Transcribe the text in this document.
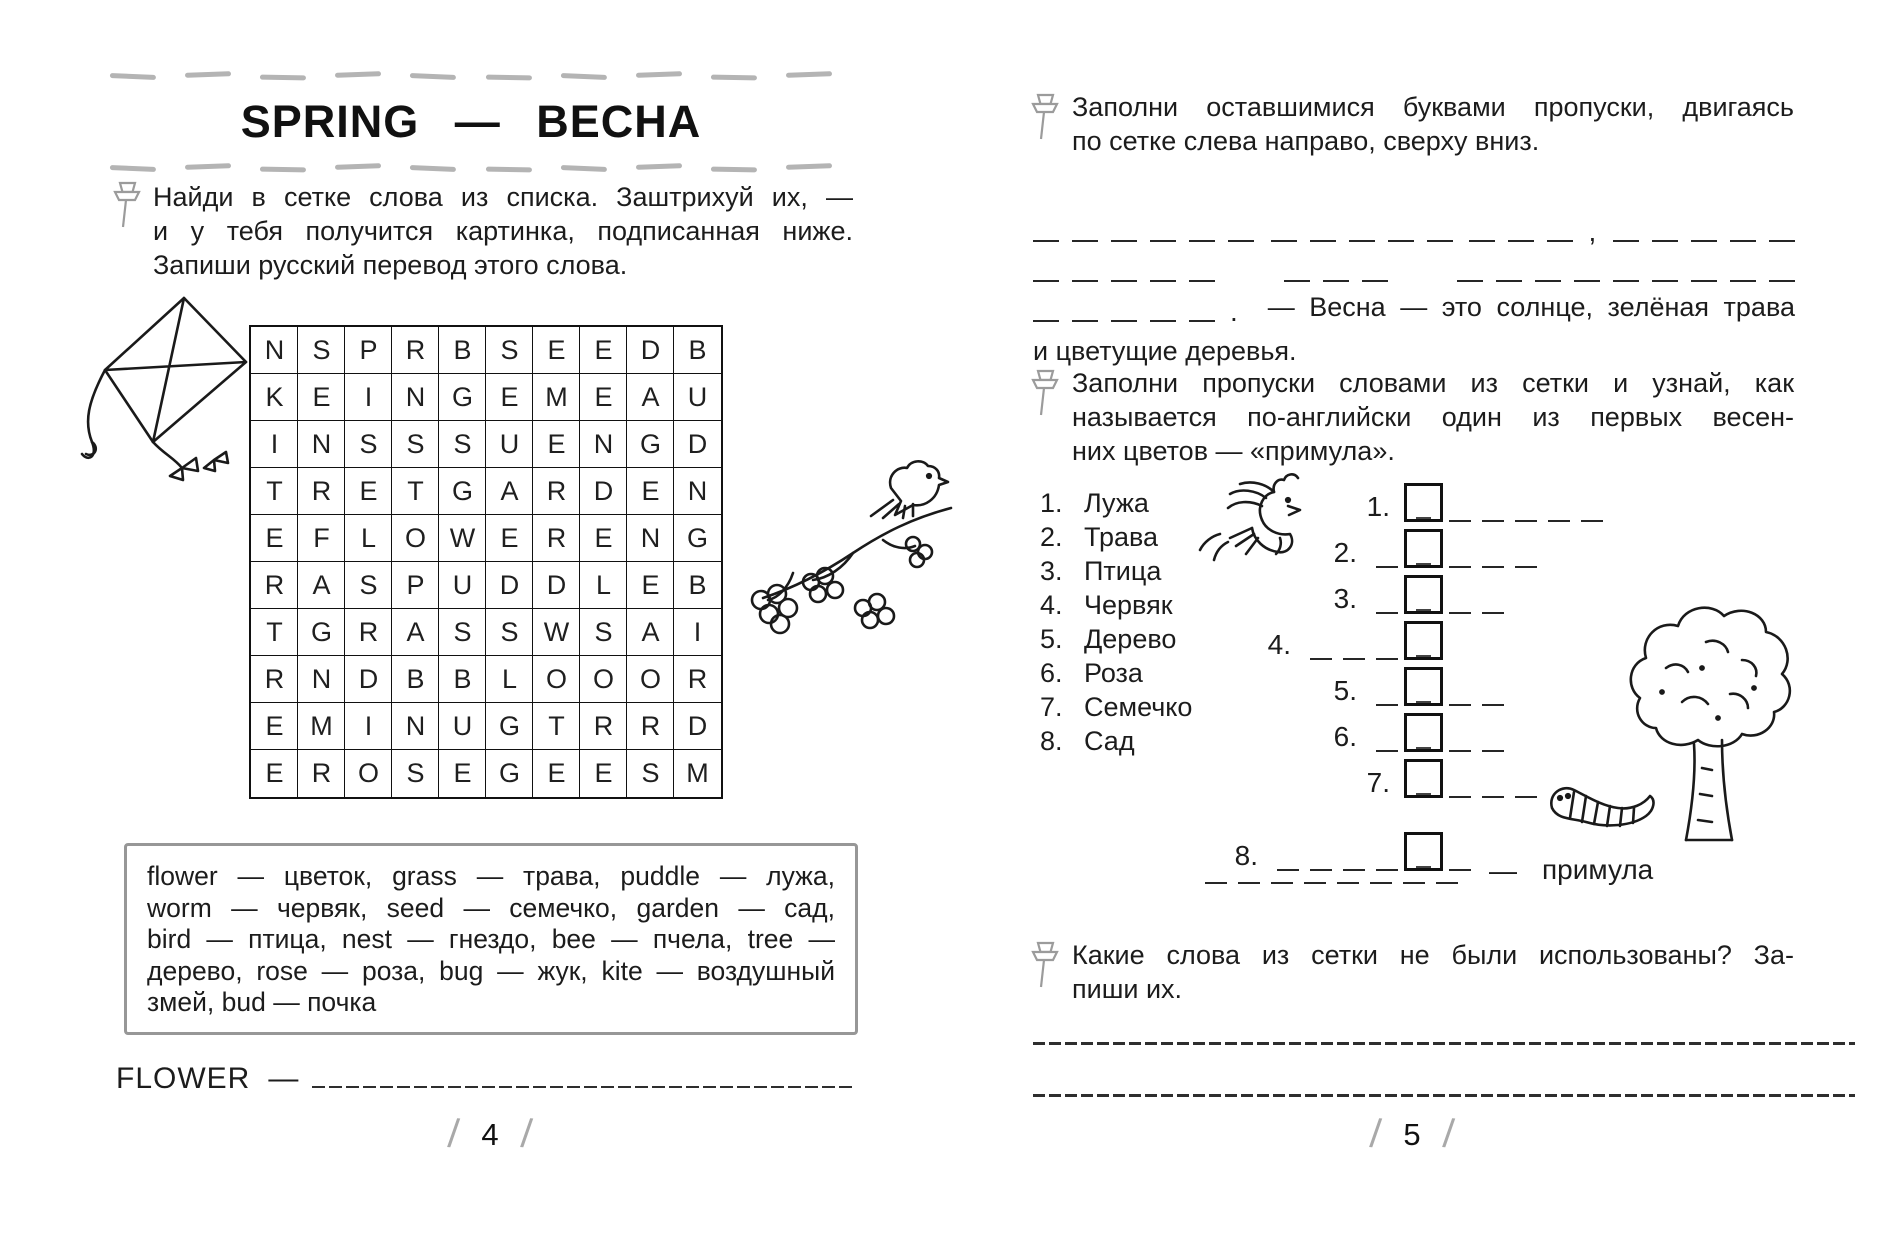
SPRING — ВЕСНА
Найди в сетке слова из списка. Заштрихуй их, —
и у тебя получится картинка, подписанная ниже.
Запиши русский перевод этого слова.
N	S	P	R	B	S	E	E	D	B
K	E	I	N G	E M E	A	U
I	N	S	S	S	U	E	N G D
T	R	E	T	G	A	R	D	E	N
E	F	L	O W E	R	E	N G
R	A	S	P	U	D	D	L	E	B
T	G R	A	S	S W S	A	I
R	N	D	B	B	L	O O O R
E M	I	N	U G	T	R	R	D
E	R O	S	E	G	E	E	S M
flower — цветок, grass — трава, puddle — лужа,
worm — червяк, seed — семечко, garden — сад,
bird — птица, nest — гнездо, bee — пчела, tree —
дерево, rose — роза, bug — жук, kite — воздушный
змей, bud — почка
FLOWER —
/ 4 /
Заполни оставшимися буквами пропуски, двигаясь
по сетке слева направо, сверху вниз.
,
. — Весна — это солнце, зелёная трава
и цветущие деревья.
Заполни пропуски словами из сетки и узнай, как
называется по-английски один из первых весен-
них цветов — «примула».
1. Лужа
2. Трава
3. Птица
4. Червяк
5. Дерево
6. Роза
7. Семечко
8. Сад
1.
2.
3.
4.
5.
6.
7.
8.	— примула
Какие слова из сетки не были использованы? За-
пиши их.
/ 5 /
